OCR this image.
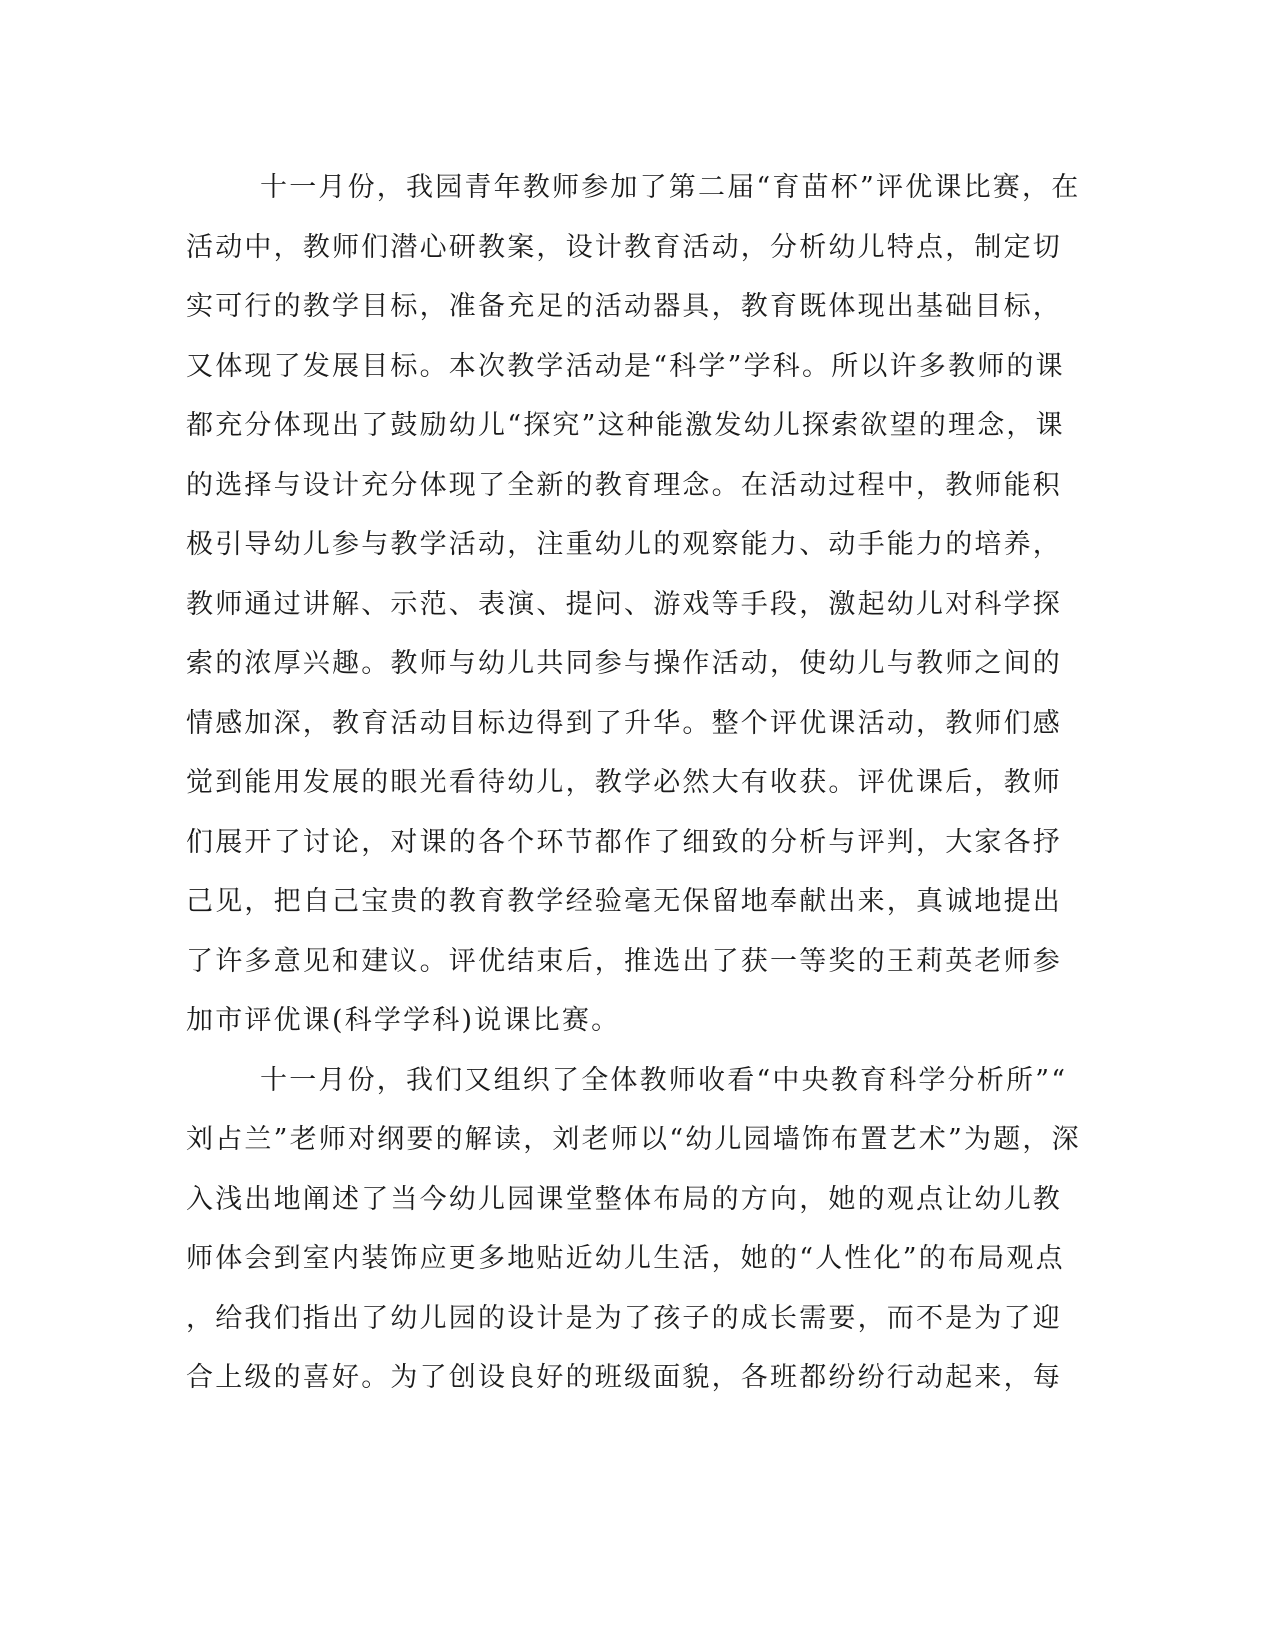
十一月份，我园青年教师参加了第二届“育苗杯”评优课比赛，在
活动中，教师们潜心研教案，设计教育活动，分析幼儿特点，制定切
实可行的教学目标，准备充足的活动器具，教育既体现出基础目标，
又体现了发展目标。本次教学活动是“科学”学科。所以许多教师的课
都充分体现出了鼓励幼儿“探究”这种能激发幼儿探索欲望的理念，课
的选择与设计充分体现了全新的教育理念。在活动过程中，教师能积
极引导幼儿参与教学活动，注重幼儿的观察能力、动手能力的培养，
教师通过讲解、示范、表演、提问、游戏等手段，激起幼儿对科学探
索的浓厚兴趣。教师与幼儿共同参与操作活动，使幼儿与教师之间的
情感加深，教育活动目标边得到了升华。整个评优课活动，教师们感
觉到能用发展的眼光看待幼儿，教学必然大有收获。评优课后，教师
们展开了讨论，对课的各个环节都作了细致的分析与评判，大家各抒
己见，把自己宝贵的教育教学经验毫无保留地奉献出来，真诚地提出
了许多意见和建议。评优结束后，推选出了获一等奖的王莉英老师参
加市评优课(科学学科)说课比赛。
十一月份，我们又组织了全体教师收看“中央教育科学分析所”“
刘占兰”老师对纲要的解读，刘老师以“幼儿园墙饰布置艺术”为题，深
入浅出地阐述了当今幼儿园课堂整体布局的方向，她的观点让幼儿教
师体会到室内装饰应更多地贴近幼儿生活，她的“人性化”的布局观点
，给我们指出了幼儿园的设计是为了孩子的成长需要，而不是为了迎
合上级的喜好。为了创设良好的班级面貌，各班都纷纷行动起来，每
